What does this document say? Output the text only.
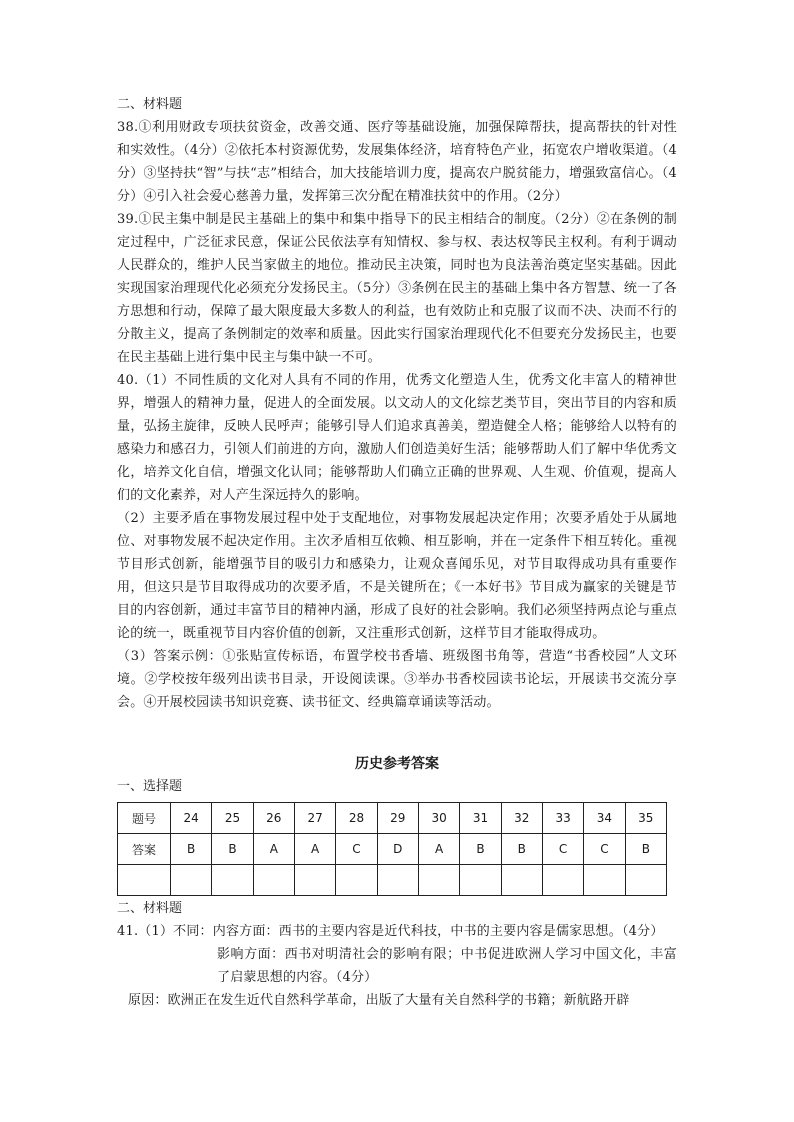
二、材料题

38.①利用财政专项扶贫资金，改善交通、医疗等基础设施，加强保障帮扶，提高帮扶的针对性和实效性。（4分）②依托本村资源优势，发展集体经济，培育特色产业，拓宽农户增收渠道。（4分）③坚持扶“智”与扶“志”相结合，加大技能培训力度，提高农户脱贫能力，增强致富信心。（4分）④引入社会爱心慈善力量，发挥第三次分配在精准扶贫中的作用。（2分）

39.①民主集中制是民主基础上的集中和集中指导下的民主相结合的制度。（2分）②在条例的制定过程中，广泛征求民意，保证公民依法享有知情权、参与权、表达权等民主权利。有利于调动人民群众的，维护人民当家做主的地位。推动民主决策，同时也为良法善治奠定坚实基础。因此实现国家治理现代化必须充分发扬民主。（5分）③条例在民主的基础上集中各方智慧、统一了各方思想和行动，保障了最大限度最大多数人的利益，也有效防止和克服了议而不决、决而不行的分散主义，提高了条例制定的效率和质量。因此实行国家治理现代化不但要充分发扬民主，也要在民主基础上进行集中民主与集中缺一不可。

40.（1）不同性质的文化对人具有不同的作用，优秀文化塑造人生，优秀文化丰富人的精神世界，增强人的精神力量，促进人的全面发展。以文动人的文化综艺类节目，突出节目的内容和质量，弘扬主旋律，反映人民呼声；能够引导人们追求真善美，塑造健全人格；能够给人以特有的感染力和感召力，引领人们前进的方向，激励人们创造美好生活；能够帮助人们了解中华优秀文化，培养文化自信，增强文化认同；能够帮助人们确立正确的世界观、人生观、价值观，提高人们的文化素养，对人产生深远持久的影响。

（2）主要矛盾在事物发展过程中处于支配地位，对事物发展起决定作用；次要矛盾处于从属地位、对事物发展不起决定作用。主次矛盾相互依赖、相互影响，并在一定条件下相互转化。重视节目形式创新，能增强节目的吸引力和感染力，让观众喜闻乐见，对节目取得成功具有重要作用，但这只是节目取得成功的次要矛盾，不是关键所在；《一本好书》节目成为赢家的关键是节目的内容创新，通过丰富节目的精神内涵，形成了良好的社会影响。我们必须坚持两点论与重点论的统一，既重视节目内容价值的创新，又注重形式创新，这样节目才能取得成功。

（3）答案示例：①张贴宣传标语，布置学校书香墙、班级图书角等，营造“书香校园”人文环境。②学校按年级列出读书目录，开设阅读课。③举办书香校园读书论坛，开展读书交流分享会。④开展校园读书知识竞赛、读书征文、经典篇章诵读等活动。

历史参考答案

一、选择题

题号	24	25	26	27	28	29	30	31	32	33	34	35
答案	B	B	A	A	C	D	A	B	B	C	C	B

二、材料题

41.（1）不同：内容方面：西书的主要内容是近代科技，中书的主要内容是儒家思想。（4分）

影响方面：西书对明清社会的影响有限；中书促进欧洲人学习中国文化，丰富了启蒙思想的内容。（4分）

原因：欧洲正在发生近代自然科学革命，出版了大量有关自然科学的书籍；新航路开辟
